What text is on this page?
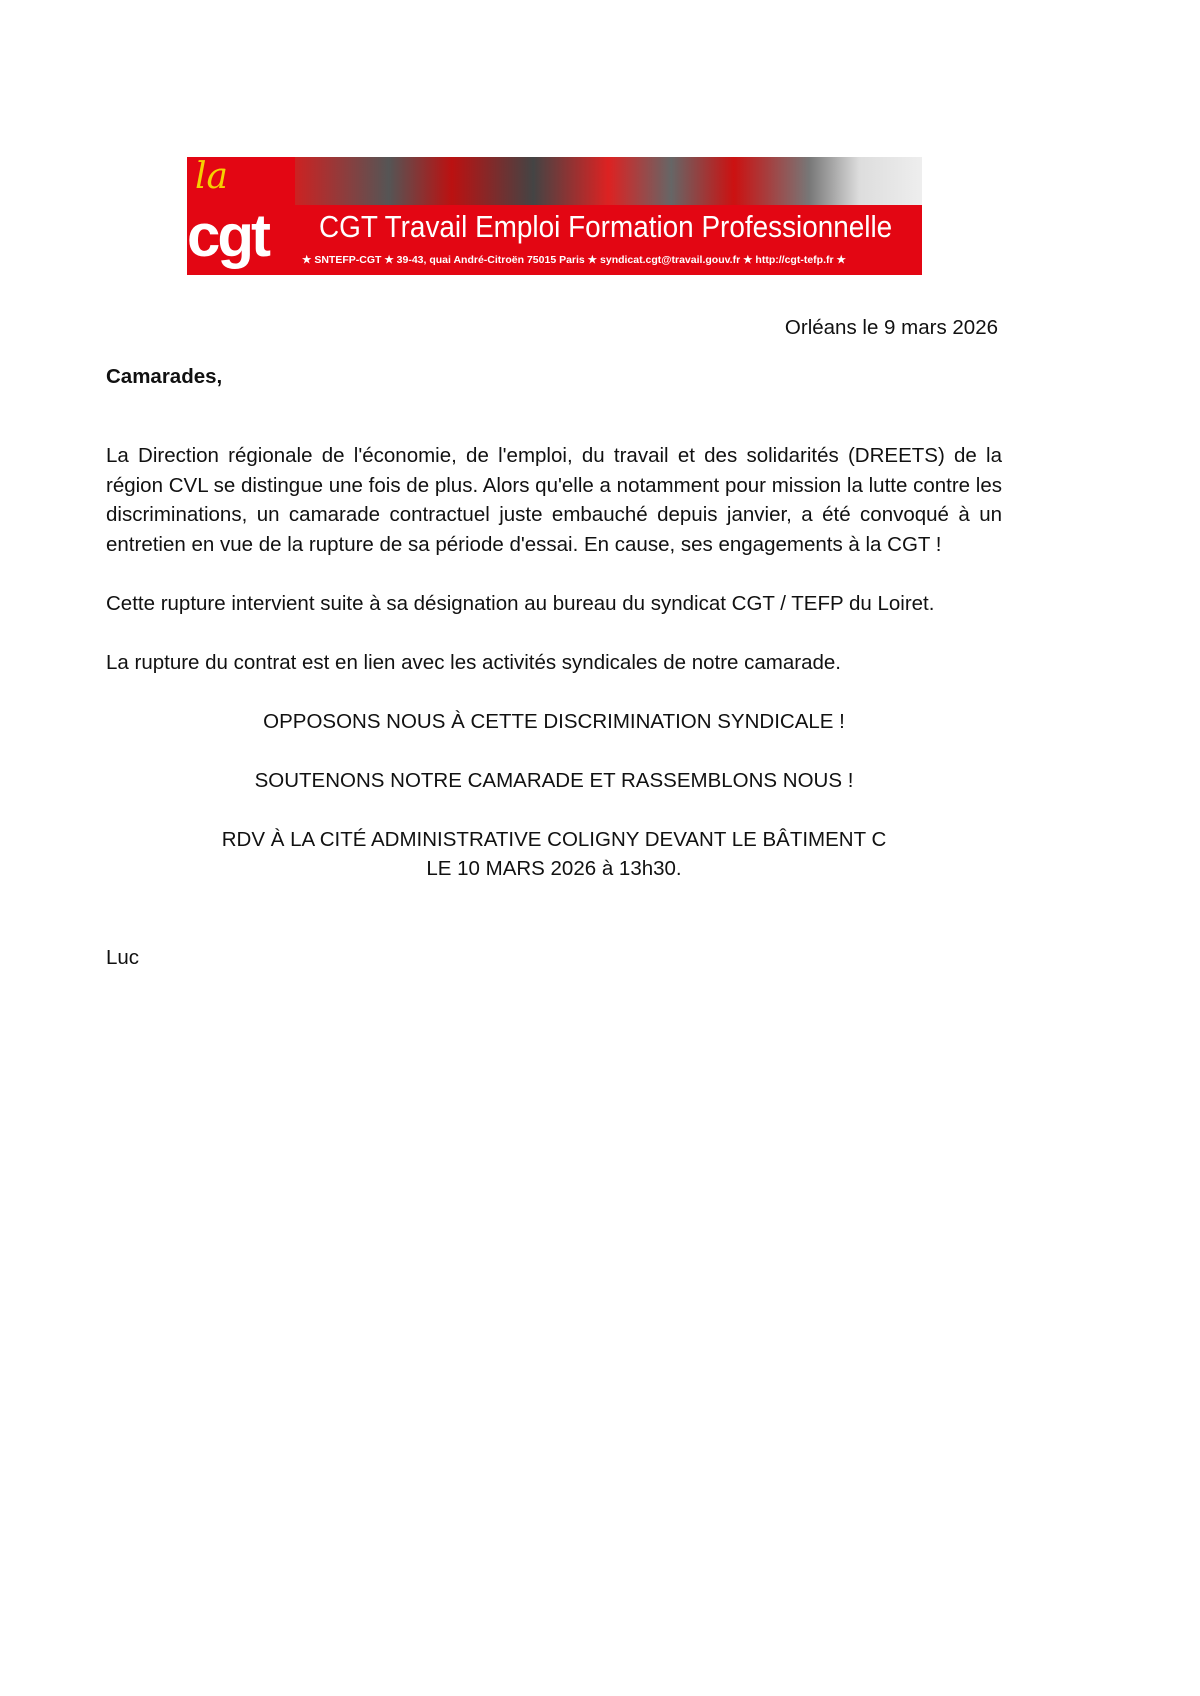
la
cgt	CGT Travail Emploi Formation Professionnelle
★ SNTEFP-CGT ★ 39-43, quai André-Citroën 75015 Paris ★ syndicat.cgt@travail.gouv.fr ★ http://cgt-tefp.fr ★
Orléans le 9 mars 2026
Camarades,
La Direction régionale de l'économie, de l'emploi, du travail et des solidarités (DREETS) de la région CVL se distingue une fois de plus. Alors qu'elle a notamment pour mission la lutte contre les discriminations, un camarade contractuel juste embauché depuis janvier, a été convoqué à un entretien en vue de la rupture de sa période d'essai. En cause, ses engagements à la CGT !
Cette rupture intervient suite à sa désignation au bureau du syndicat CGT / TEFP du Loiret.
La rupture du contrat est en lien avec les activités syndicales de notre camarade.
OPPOSONS NOUS À CETTE DISCRIMINATION SYNDICALE !
SOUTENONS NOTRE CAMARADE ET RASSEMBLONS NOUS !
RDV À LA CITÉ ADMINISTRATIVE COLIGNY DEVANT LE BÂTIMENT C
LE 10 MARS 2026 à 13h30.
Luc
